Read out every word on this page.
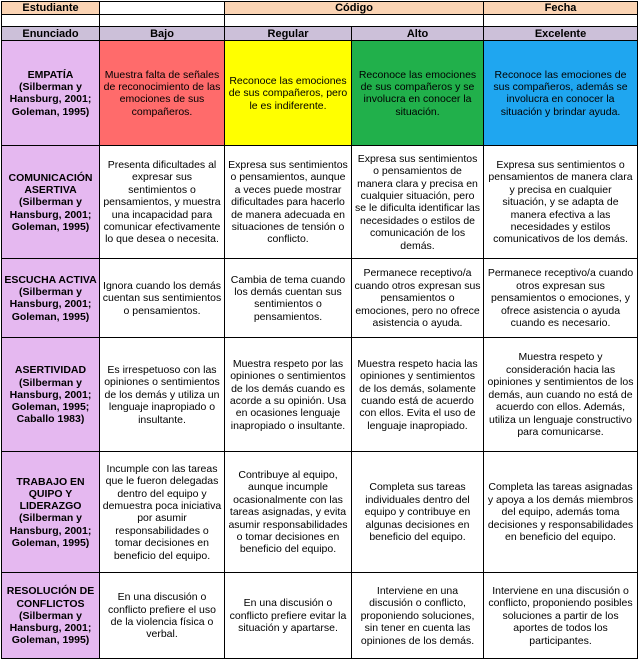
Estudiante		Código		Fecha

Enunciado	Bajo	Regular	Alto	Excelente

EMPATÍA
(Silberman y Hansburg, 2001; Goleman, 1995)	Muestra falta de señales de reconocimiento de las emociones de sus compañeros.	Reconoce las emociones de sus compañeros, pero le es indiferente.	Reconoce las emociones de sus compañeros y se involucra en conocer la situación.	Reconoce las emociones de sus compañeros, además se involucra en conocer la situación y brindar ayuda.

COMUNICACIÓN ASERTIVA
(Silberman y Hansburg, 2001; Goleman, 1995)	Presenta dificultades al expresar sus sentimientos o pensamientos, y muestra una incapacidad para comunicar efectivamente lo que desea o necesita.	Expresa sus sentimientos o pensamientos, aunque a veces puede mostrar dificultades para hacerlo de manera adecuada en situaciones de tensión o conflicto.	Expresa sus sentimientos o pensamientos de manera clara y precisa en cualquier situación, pero se le dificulta identificar las necesidades o estilos de comunicación de los demás.	Expresa sus sentimientos o pensamientos de manera clara y precisa en cualquier situación, y se adapta de manera efectiva a las necesidades y estilos comunicativos de los demás.

ESCUCHA ACTIVA
(Silberman y Hansburg, 2001; Goleman, 1995)	Ignora cuando los demás cuentan sus sentimientos o pensamientos.	Cambia de tema cuando los demás cuentan sus sentimientos o pensamientos.	Permanece receptivo/a cuando otros expresan sus pensamientos o emociones, pero no ofrece asistencia o ayuda.	Permanece receptivo/a cuando otros expresan sus pensamientos o emociones, y ofrece asistencia o ayuda cuando es necesario.

ASERTIVIDAD
(Silberman y Hansburg, 2001; Goleman, 1995; Caballo 1983)	Es irrespetuoso con las opiniones o sentimientos de los demás y utiliza un lenguaje inapropiado o insultante.	Muestra respeto por las opiniones o sentimientos de los demás cuando es acorde a su opinión. Usa en ocasiones lenguaje inapropiado o insultante.	Muestra respeto hacia las opiniones y sentimientos de los demás, solamente cuando está de acuerdo con ellos. Evita el uso de lenguaje inapropiado.	Muestra respeto y consideración hacia las opiniones y sentimientos de los demás, aun cuando no está de acuerdo con ellos. Además, utiliza un lenguaje constructivo para comunicarse.

TRABAJO EN QUIPO Y LIDERAZGO
(Silberman y Hansburg, 2001; Goleman, 1995)	Incumple con las tareas que le fueron delegadas dentro del equipo y demuestra poca iniciativa por asumir responsabilidades o tomar decisiones en beneficio del equipo.	Contribuye al equipo, aunque incumple ocasionalmente con las tareas asignadas, y evita asumir responsabilidades o tomar decisiones en beneficio del equipo.	Completa sus tareas individuales dentro del equipo y contribuye en algunas decisiones en beneficio del equipo.	Completa las tareas asignadas y apoya a los demás miembros del equipo, además toma decisiones y responsabilidades en beneficio del equipo.

RESOLUCIÓN DE CONFLICTOS
(Silberman y Hansburg, 2001; Goleman, 1995)	En una discusión o conflicto prefiere el uso de la violencia física o verbal.	En una discusión o conflicto prefiere evitar la situación y apartarse.	Interviene en una discusión o conflicto, proponiendo soluciones, sin tener en cuenta las opiniones de los demás.	Interviene en una discusión o conflicto, proponiendo posibles soluciones a partir de los aportes de todos los participantes.
